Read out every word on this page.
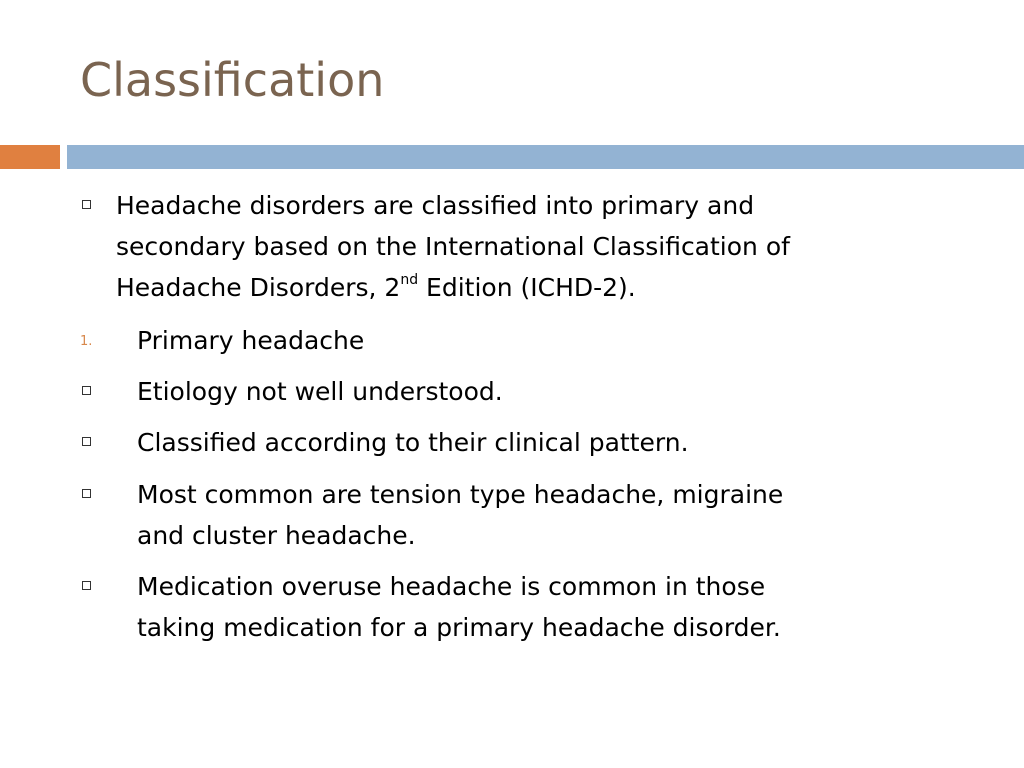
Classification
Headache disorders are classified into primary and
secondary based on the International Classification of
Headache Disorders, 2nd Edition (ICHD-2).
1. Primary headache
Etiology not well understood.
Classified according to their clinical pattern.
Most common are tension type headache, migraine
and cluster headache.
Medication overuse headache is common in those
taking medication for a primary headache disorder.
